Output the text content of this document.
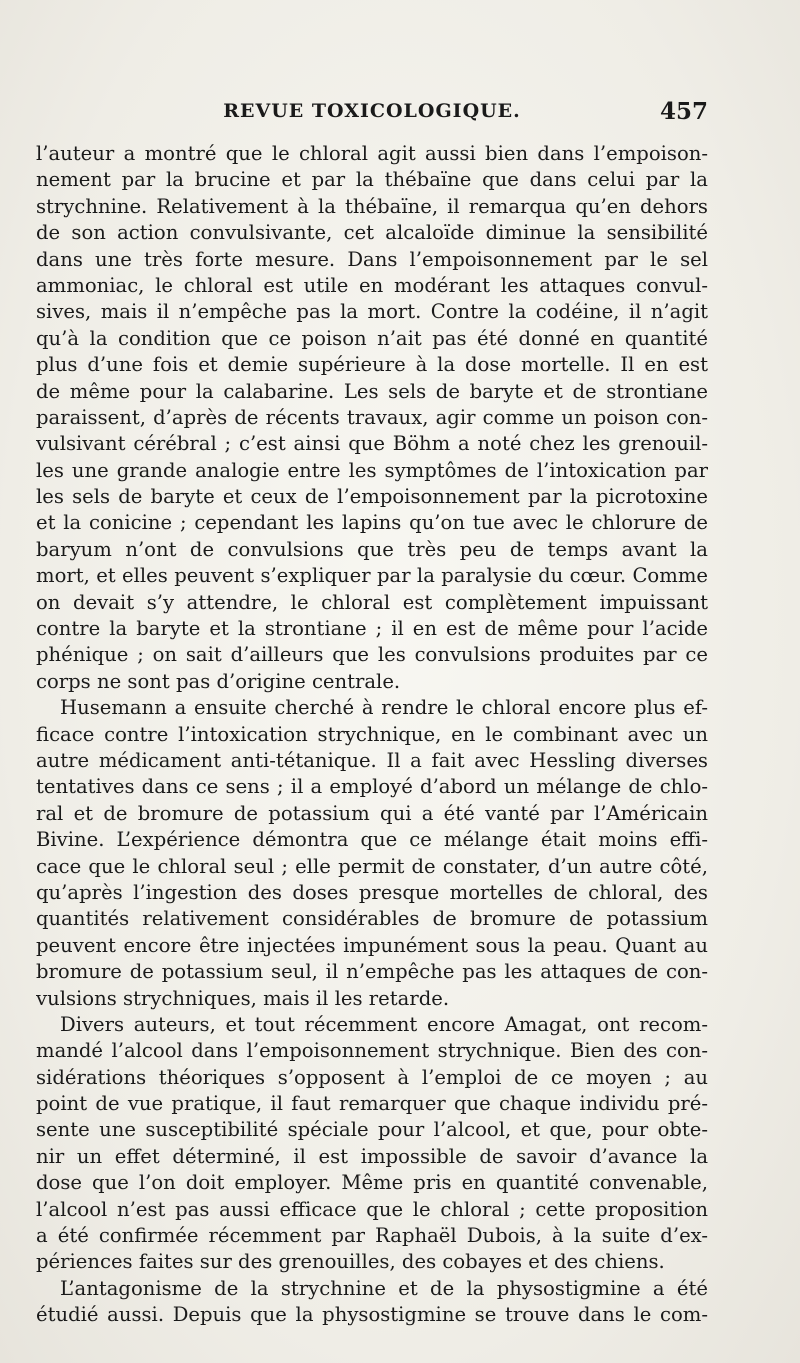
REVUE TOXICOLOGIQUE.	457
l’auteur a montré que le chloral agit aussi bien dans l’empoison-
nement par la brucine et par la thébaïne que dans celui par la
strychnine. Relativement à la thébaïne, il remarqua qu’en dehors
de son action convulsivante, cet alcaloïde diminue la sensibilité
dans une très forte mesure. Dans l’empoisonnement par le sel
ammoniac, le chloral est utile en modérant les attaques convul-
sives, mais il n’empêche pas la mort. Contre la codéine, il n’agit
qu’à la condition que ce poison n’ait pas été donné en quantité
plus d’une fois et demie supérieure à la dose mortelle. Il en est
de même pour la calabarine. Les sels de baryte et de strontiane
paraissent, d’après de récents travaux, agir comme un poison con-
vulsivant cérébral ; c’est ainsi que Böhm a noté chez les grenouil-
les une grande analogie entre les symptômes de l’intoxication par
les sels de baryte et ceux de l’empoisonnement par la picrotoxine
et la conicine ; cependant les lapins qu’on tue avec le chlorure de
baryum n’ont de convulsions que très peu de temps avant la
mort, et elles peuvent s’expliquer par la paralysie du cœur. Comme
on devait s’y attendre, le chloral est complètement impuissant
contre la baryte et la strontiane ; il en est de même pour l’acide
phénique ; on sait d’ailleurs que les convulsions produites par ce
corps ne sont pas d’origine centrale.
Husemann a ensuite cherché à rendre le chloral encore plus ef-
ficace contre l’intoxication strychnique, en le combinant avec un
autre médicament anti-tétanique. Il a fait avec Hessling diverses
tentatives dans ce sens ; il a employé d’abord un mélange de chlo-
ral et de bromure de potassium qui a été vanté par l’Américain
Bivine. L’expérience démontra que ce mélange était moins effi-
cace que le chloral seul ; elle permit de constater, d’un autre côté,
qu’après l’ingestion des doses presque mortelles de chloral, des
quantités relativement considérables de bromure de potassium
peuvent encore être injectées impunément sous la peau. Quant au
bromure de potassium seul, il n’empêche pas les attaques de con-
vulsions strychniques, mais il les retarde.
Divers auteurs, et tout récemment encore Amagat, ont recom-
mandé l’alcool dans l’empoisonnement strychnique. Bien des con-
sidérations théoriques s’opposent à l’emploi de ce moyen ; au
point de vue pratique, il faut remarquer que chaque individu pré-
sente une susceptibilité spéciale pour l’alcool, et que, pour obte-
nir un effet déterminé, il est impossible de savoir d’avance la
dose que l’on doit employer. Même pris en quantité convenable,
l’alcool n’est pas aussi efficace que le chloral ; cette proposition
a été confirmée récemment par Raphaël Dubois, à la suite d’ex-
périences faites sur des grenouilles, des cobayes et des chiens.
L’antagonisme de la strychnine et de la physostigmine a été
étudié aussi. Depuis que la physostigmine se trouve dans le com-
